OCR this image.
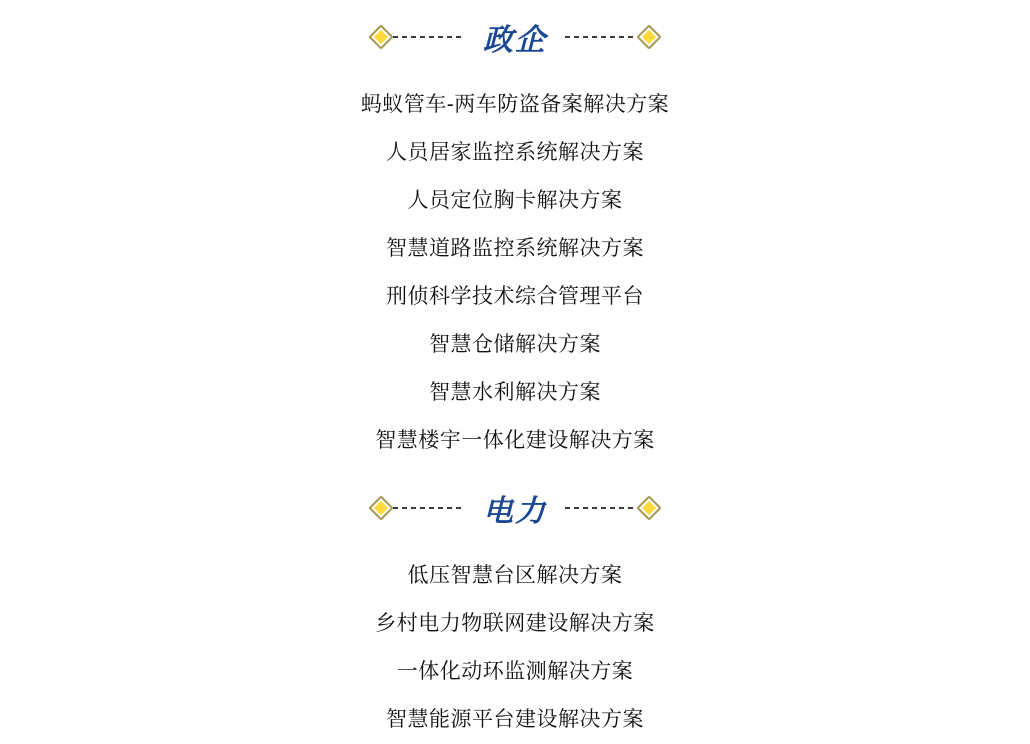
政企
蚂蚁管车-两车防盗备案解决方案
人员居家监控系统解决方案
人员定位胸卡解决方案
智慧道路监控系统解决方案
刑侦科学技术综合管理平台
智慧仓储解决方案
智慧水利解决方案
智慧楼宇一体化建设解决方案
电力
低压智慧台区解决方案
乡村电力物联网建设解决方案
一体化动环监测解决方案
智慧能源平台建设解决方案
